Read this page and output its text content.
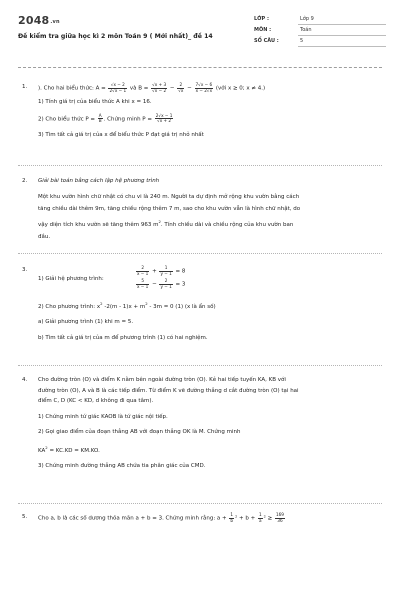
2048.vn
Đề kiểm tra giữa học kì 2 môn Toán 9 ( Mới nhất)_ đề 14
LỚP :	Lớp 9
MÔN :	Toán
SỐ CÂU :	5
1.	). Cho hai biểu thức: $A = \frac{√x - 2}{2√x - 1}$ và $B = \frac{√x + 3}{√x - 2} - \frac{2}{√x} - \frac{7√x - 6}{x - 2√x}$ (với x ≥ 0; x ≠ 4.)
1) Tính giá trị của biểu thức A khi x = 16.
2) Cho biểu thức $P = \frac{A}{B}$ . Chứng minh $P = \frac{2√x - 1}{√x + 2}$
3) Tìm tất cả giá trị của x để biểu thức P đạt giá trị nhỏ nhất
2.	Giải bài toán bằng cách lập hệ phương trình
Một khu vườn hình chữ nhật có chu vi là 240 m. Người ta dự định mở rộng khu vườn bằng cách
tăng chiều dài thêm 9m, tăng chiều rộng thêm 7 m, sao cho khu vườn vẫn là hình chữ nhật, do
vậy diện tích khu vườn sẽ tăng thêm 963 $m^2$. Tính chiều dài và chiều rộng của khu vườn ban
đầu.
3.
1) Giải hệ phương trình:
$\frac{2}{x - 1} + \frac{1}{y - 1} = 8$
$\frac{5}{x - 1} - \frac{2}{y - 1} = 3$
2) Cho phương trình: $x^2$ $-2(m - 1)x + m^2 - 3m = 0$ (1) (x là ẩn số)
a) Giải phương trình (1) khi m = 5.
b) Tìm tất cả giá trị của m để phương trình (1) có hai nghiệm.
4.	Cho đường tròn (O) và điểm K nằm bên ngoài đường tròn (O). Kẻ hai tiếp tuyến KA, KB với
đường tròn (O), A và B là các tiếp điểm. Từ điểm K vẽ đường thẳng d cắt đường tròn (O) tại hai
điểm C, D (KC < KD, d không đi qua tâm).
1) Chứng minh tứ giác KAOB là tứ giác nội tiếp.
2) Gọi giao điểm của đoạn thẳng AB với đoạn thẳng OK là M. Chứng minh
$KA^2 = KC.KD = KM.KO$.
3) Chứng minh đường thẳng AB chứa tia phân giác của CMD.
5.	Cho a, b là các số dương thỏa mãn a + b = 3. Chứng minh rằng: $a + \frac{1}{b} ^2 + b + \frac{1}{a} ^2 \ge \frac{169}{36}$
